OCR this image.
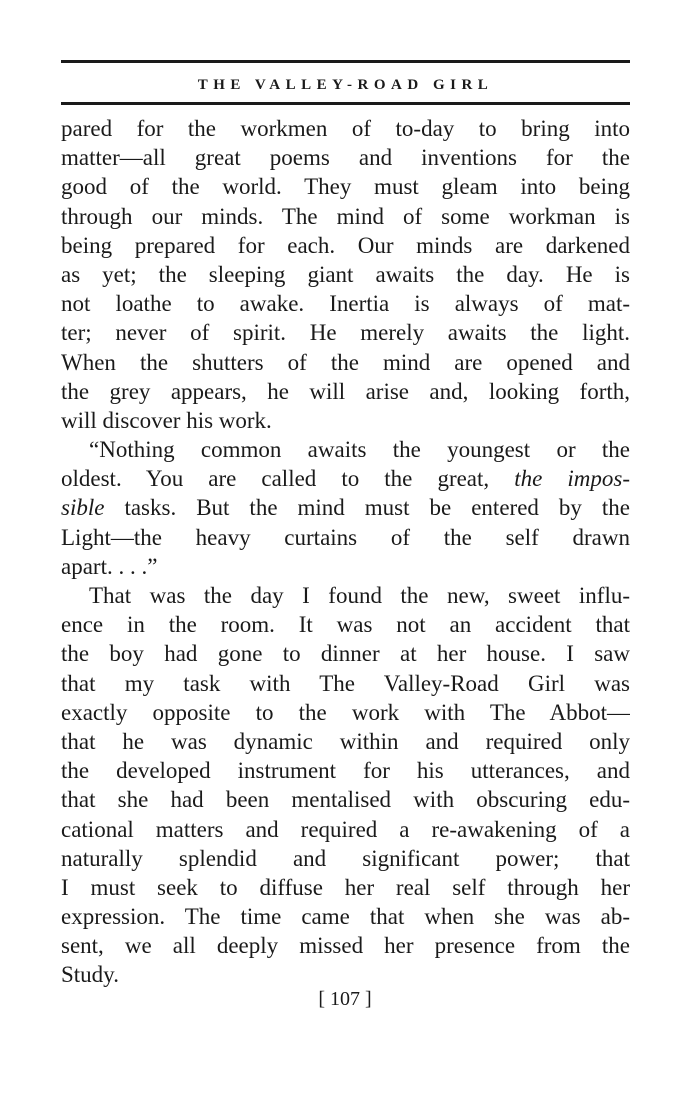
THE VALLEY-ROAD GIRL
pared for the workmen of to-day to bring into
matter—all great poems and inventions for the
good of the world. They must gleam into being
through our minds. The mind of some workman is
being prepared for each. Our minds are darkened
as yet; the sleeping giant awaits the day. He is
not loathe to awake. Inertia is always of mat-
ter; never of spirit. He merely awaits the light.
When the shutters of the mind are opened and
the grey appears, he will arise and, looking forth,
will discover his work.
“Nothing common awaits the youngest or the
oldest. You are called to the great, the impos-
sible tasks. But the mind must be entered by the
Light—the heavy curtains of the self drawn
apart. . . .”
That was the day I found the new, sweet influ-
ence in the room. It was not an accident that
the boy had gone to dinner at her house. I saw
that my task with The Valley-Road Girl was
exactly opposite to the work with The Abbot—
that he was dynamic within and required only
the developed instrument for his utterances, and
that she had been mentalised with obscuring edu-
cational matters and required a re-awakening of a
naturally splendid and significant power; that
I must seek to diffuse her real self through her
expression. The time came that when she was ab-
sent, we all deeply missed her presence from the
Study.
[ 107 ]
